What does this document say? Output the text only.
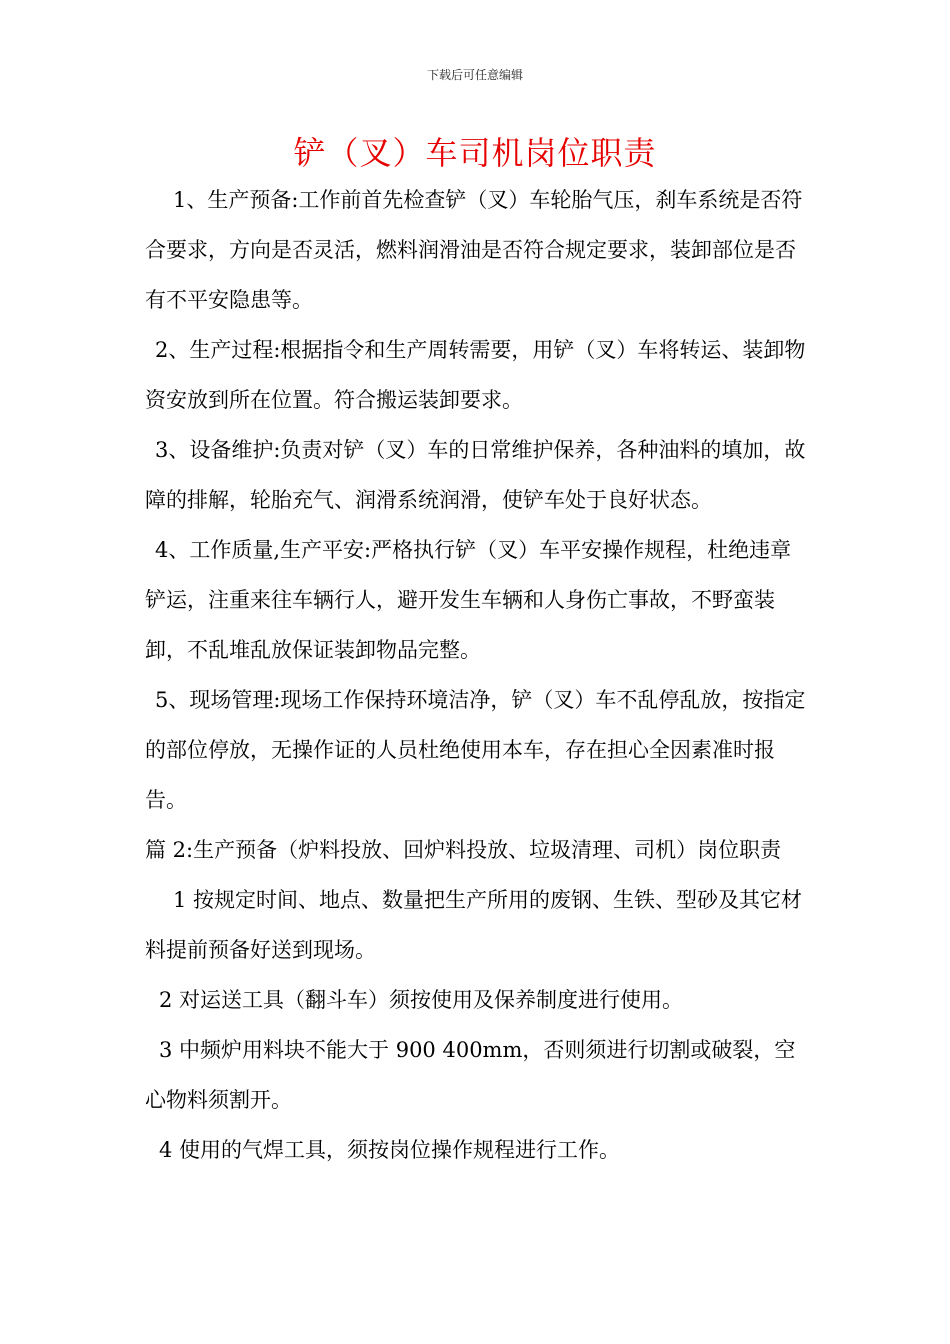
下载后可任意编辑
铲（叉）车司机岗位职责

1、生产预备:工作前首先检查铲（叉）车轮胎气压，刹车系统是否符合要求，方向是否灵活，燃料润滑油是否符合规定要求，装卸部位是否有不平安隐患等。

2、生产过程:根据指令和生产周转需要，用铲（叉）车将转运、装卸物资安放到所在位置。符合搬运装卸要求。

3、设备维护:负责对铲（叉）车的日常维护保养，各种油料的填加，故障的排解，轮胎充气、润滑系统润滑，使铲车处于良好状态。

4、工作质量,生产平安:严格执行铲（叉）车平安操作规程，杜绝违章铲运，注重来往车辆行人，避开发生车辆和人身伤亡事故，不野蛮装卸，不乱堆乱放保证装卸物品完整。

5、现场管理:现场工作保持环境洁净，铲（叉）车不乱停乱放，按指定的部位停放，无操作证的人员杜绝使用本车，存在担心全因素准时报告。

篇 2:生产预备（炉料投放、回炉料投放、垃圾清理、司机）岗位职责

1 按规定时间、地点、数量把生产所用的废钢、生铁、型砂及其它材料提前预备好送到现场。

2 对运送工具（翻斗车）须按使用及保养制度进行使用。

3 中频炉用料块不能大于 900 400mm，否则须进行切割或破裂，空心物料须割开。

4 使用的气焊工具，须按岗位操作规程进行工作。
